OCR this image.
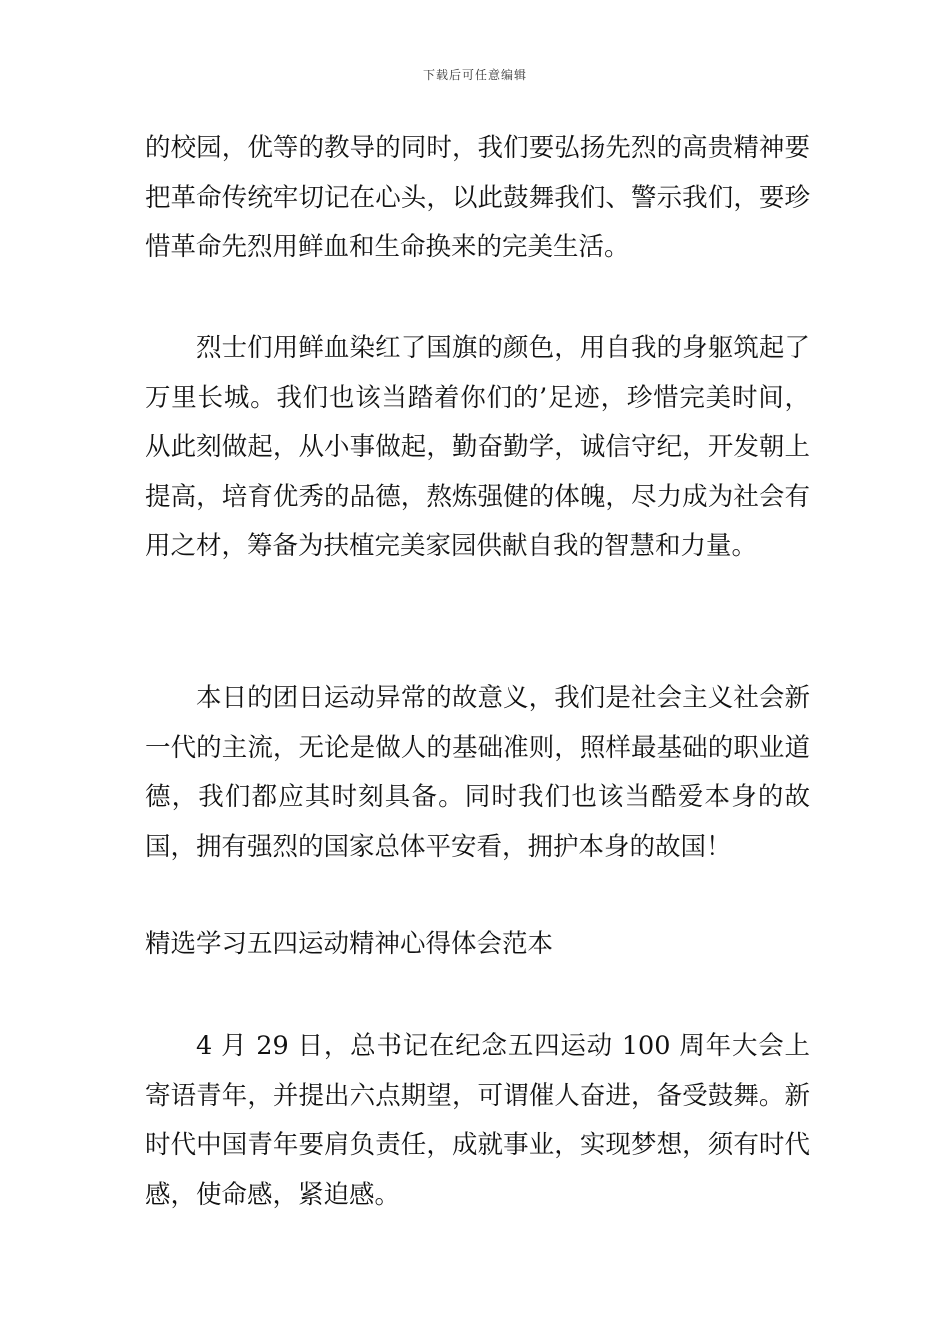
下载后可任意编辑

的校园，优等的教导的同时，我们要弘扬先烈的高贵精神要把革命传统牢切记在心头，以此鼓舞我们、警示我们，要珍惜革命先烈用鲜血和生命换来的完美生活。

烈士们用鲜血染红了国旗的颜色，用自我的身躯筑起了万里长城。我们也该当踏着你们的’足迹，珍惜完美时间，从此刻做起，从小事做起，勤奋勤学，诚信守纪，开发朝上提高，培育优秀的品德，熬炼强健的体魄，尽力成为社会有用之材，筹备为扶植完美家园供献自我的智慧和力量。

本日的团日运动异常的故意义，我们是社会主义社会新一代的主流，无论是做人的基础准则，照样最基础的职业道德，我们都应其时刻具备。同时我们也该当酷爱本身的故国，拥有强烈的国家总体平安看，拥护本身的故国！

精选学习五四运动精神心得体会范本

4 月 29 日，总书记在纪念五四运动 100 周年大会上寄语青年，并提出六点期望，可谓催人奋进，备受鼓舞。新时代中国青年要肩负责任，成就事业，实现梦想，须有时代感，使命感，紧迫感。
